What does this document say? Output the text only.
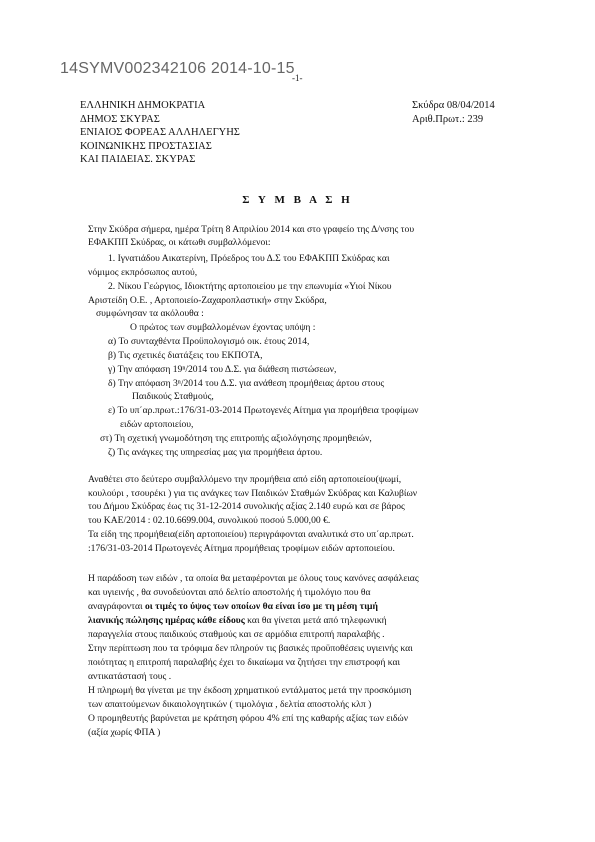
14SYMV002342106 2014-10-15
-1-
ΕΛΛΗΝΙΚΗ ΔΗΜΟΚΡΑΤΙΑ
ΔΗΜΟΣ ΣΚΥΡΑΣ
ΕΝΙΑΙΟΣ ΦΟΡΕΑΣ ΑΛΛΗΛΕΓΥΗΣ
ΚΟΙΝΩΝΙΚΗΣ ΠΡΟΣΤΑΣΙΑΣ
ΚΑΙ ΠΑΙΔΕΙΑΣ. ΣΚΥΡΑΣ
Σκύδρα 08/04/2014
Αριθ.Πρωτ.: 239
Σ Υ Μ Β Α Σ Η
Στην Σκύδρα σήμερα, ημέρα Τρίτη 8 Απριλίου 2014 και στο γραφείο της Δ/νσης του
ΕΦΑΚΠΠ Σκύδρας, οι κάτωθι συμβαλλόμενοι:
1. Ιγνατιάδου Αικατερίνη, Πρόεδρος του Δ.Σ του ΕΦΑΚΠΠ Σκύδρας και
νόμιμος εκπρόσωπος αυτού,
2. Νίκου Γεώργιος, Ιδιοκτήτης αρτοποιείου με την επωνυμία «Υιοί Νίκου
Αριστείδη Ο.Ε. , Αρτοποιείο-Ζαχαροπλαστική» στην Σκύδρα,
συμφώνησαν τα ακόλουθα :
Ο πρώτος των συμβαλλομένων έχοντας υπόψη :
α) Το συνταχθέντα Προϋπολογισμό οικ. έτους 2014,
β) Τις σχετικές διατάξεις του ΕΚΠΟΤΑ,
γ) Την απόφαση 19ⁿ/2014 του Δ.Σ. για διάθεση πιστώσεων,
δ) Την απόφαση 3ⁿ/2014 του Δ.Σ. για ανάθεση προμήθειας άρτου στους
Παιδικούς Σταθμούς,
ε) Το υπ΄αρ.πρωτ.:176/31-03-2014 Πρωτογενές Αίτημα για προμήθεια τροφίμων
ειδών αρτοποιείου,
στ) Τη σχετική γνωμοδότηση της επιτροπής αξιολόγησης προμηθειών,
ζ) Τις ανάγκες της υπηρεσίας μας για προμήθεια άρτου.
Αναθέτει στο δεύτερο συμβαλλόμενο την προμήθεια από είδη αρτοποιείου(ψωμί,
κουλούρι , τσουρέκι ) για τις ανάγκες των Παιδικών Σταθμών Σκύδρας και Καλυβίων
του Δήμου Σκύδρας έως τις 31-12-2014 συνολικής αξίας 2.140 ευρώ και σε βάρος
του ΚΑΕ/2014 : 02.10.6699.004, συνολικού ποσού 5.000,00 €.
Τα είδη της προμήθεια(είδη αρτοποιείου) περιγράφονται αναλυτικά στο υπ΄αρ.πρωτ.
:176/31-03-2014 Πρωτογενές Αίτημα προμήθειας τροφίμων ειδών αρτοποιείου.
Η παράδοση των ειδών , τα οποία θα μεταφέρονται με όλους τους κανόνες ασφάλειας
και υγιεινής , θα συνοδεύονται από δελτίο αποστολής ή τιμολόγιο που θα
αναγράφονται οι τιμές το ύψος των οποίων θα είναι ίσο με τη μέση τιμή
λιανικής πώλησης ημέρας κάθε είδους και θα γίνεται μετά από τηλεφωνική
παραγγελία στους παιδικούς σταθμούς και σε αρμόδια επιτροπή παραλαβής .
Στην περίπτωση που τα τρόφιμα δεν πληρούν τις βασικές προϋποθέσεις υγιεινής και
ποιότητας η επιτροπή παραλαβής έχει το δικαίωμα να ζητήσει την επιστροφή και
αντικατάστασή τους .
Η πληρωμή θα γίνεται με την έκδοση χρηματικού εντάλματος μετά την προσκόμιση
των απαιτούμενων δικαιολογητικών ( τιμολόγια , δελτία αποστολής κλπ )
Ο προμηθευτής βαρύνεται με κράτηση φόρου 4% επί της καθαρής αξίας των ειδών
(αξία χωρίς ΦΠΑ )
